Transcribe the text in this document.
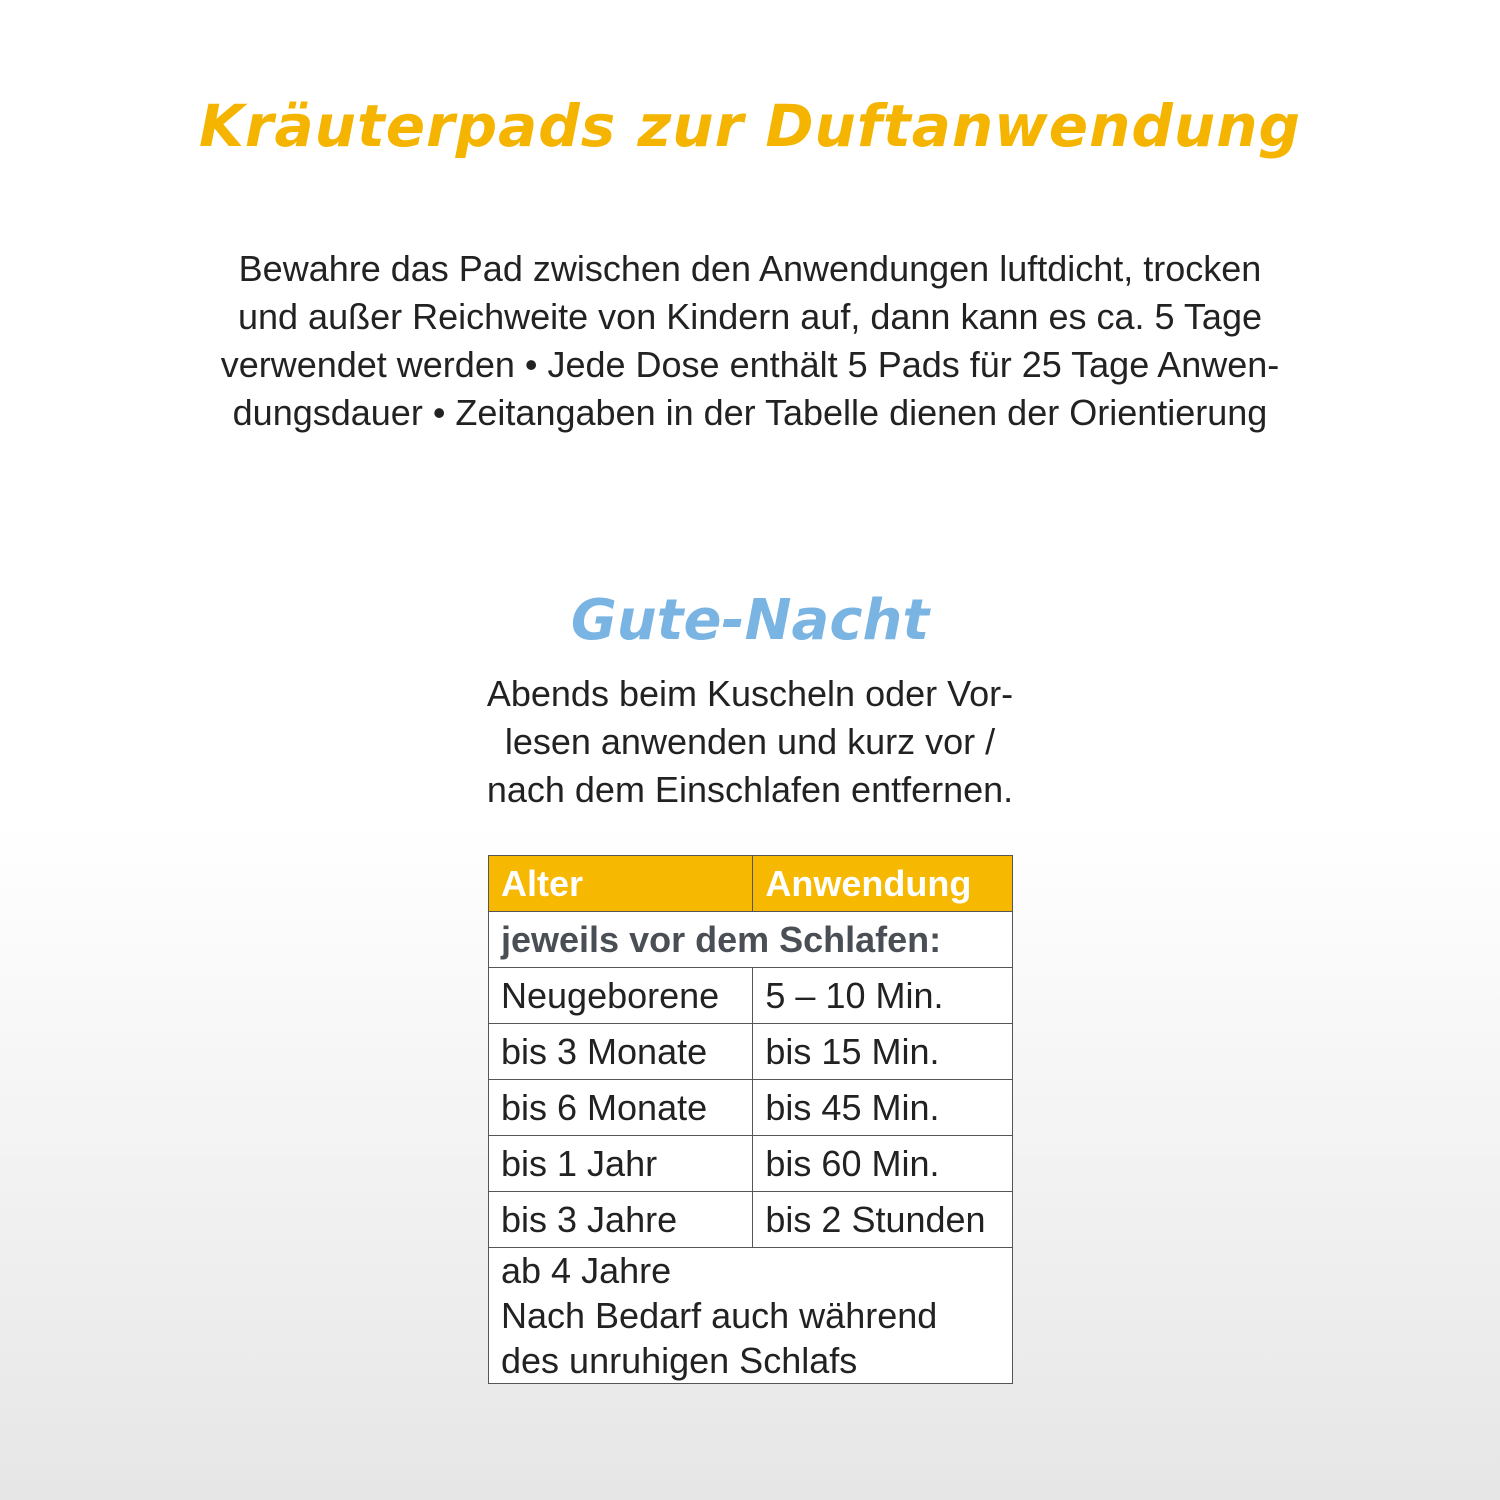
Kräuterpads zur Duftanwendung
Bewahre das Pad zwischen den Anwendungen luftdicht, trocken
und außer Reichweite von Kindern auf, dann kann es ca. 5 Tage
verwendet werden • Jede Dose enthält 5 Pads für 25 Tage Anwen-
dungsdauer • Zeitangaben in der Tabelle dienen der Orientierung
Gute-Nacht
Abends beim Kuscheln oder Vor-
lesen anwenden und kurz vor /
nach dem Einschlafen entfernen.
Alter	Anwendung
jeweils vor dem Schlafen:	
Neugeborene	5 – 10 Min.
bis 3 Monate	bis 15 Min.
bis 6 Monate	bis 45 Min.
bis 1 Jahr	bis 60 Min.
bis 3 Jahre	bis 2 Stunden

ab 4 Jahre
Nach Bedarf auch während
des unruhigen Schlafs	
